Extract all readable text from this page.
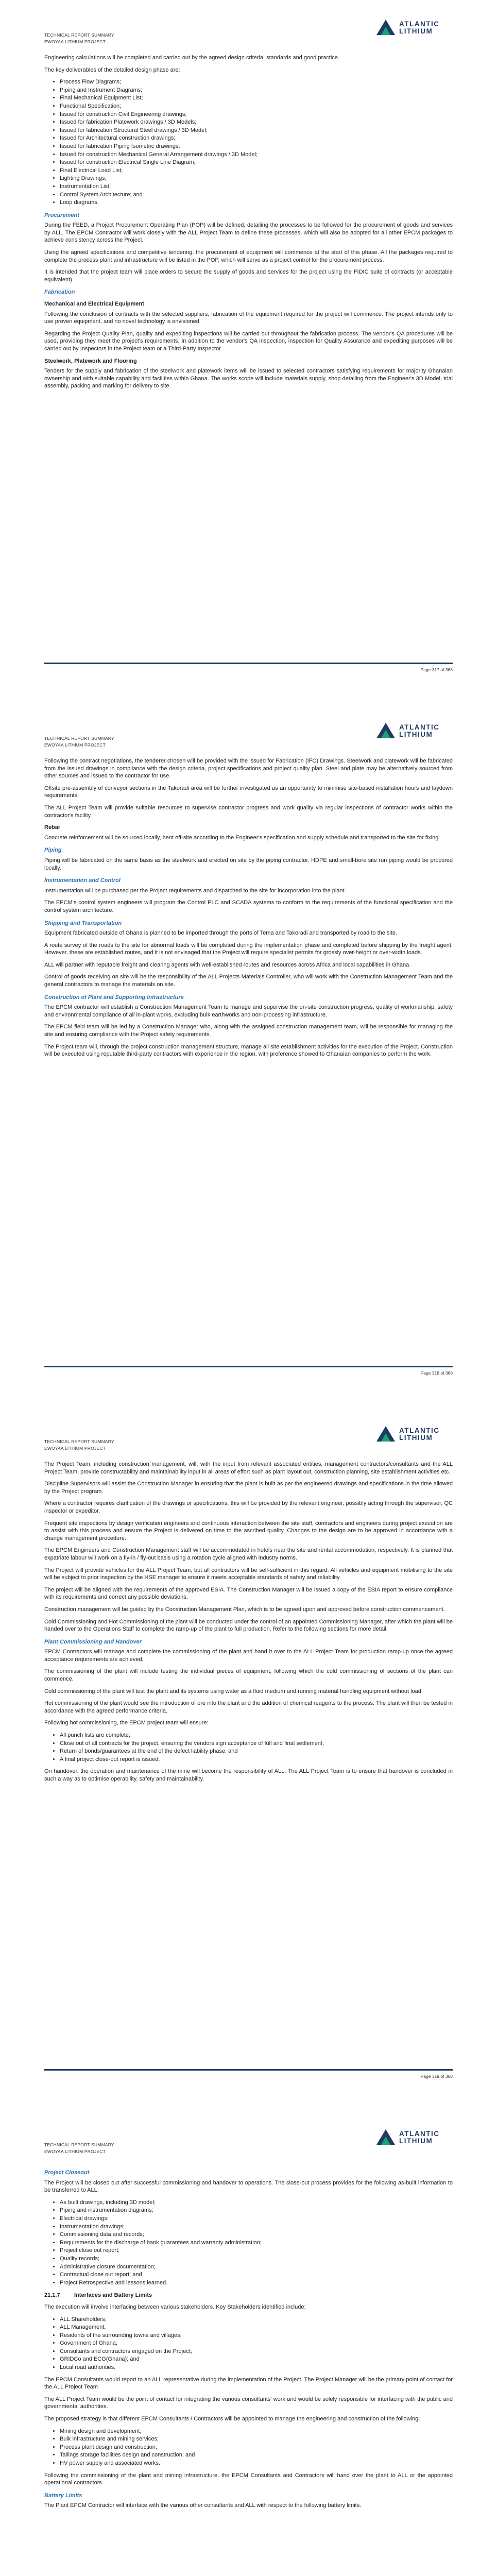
TECHNICAL REPORT SUMMARY
EWOYAA LITHIUM PROJECT
ATLANTIC
LITHIUM

Engineering calculations will be completed and carried out by the agreed design criteria, standards and good practice.

The key deliverables of the detailed design phase are:

• Process Flow Diagrams;
• Piping and Instrument Diagrams;
• Final Mechanical Equipment List;
• Functional Specification;
• Issued for construction Civil Engineering drawings;
• Issued for fabrication Platework drawings / 3D Models;
• Issued for fabrication Structural Steel drawings / 3D Model;
• Issued for Architectural construction drawings;
• Issued for fabrication Piping Isometric drawings;
• Issued for construction Mechanical General Arrangement drawings / 3D Model;
• Issued for construction Electrical Single Line Diagram;
• Final Electrical Load List;
• Lighting Drawings;
• Instrumentation List;
• Control System Architecture; and
• Loop diagrams.
Procurement

During the FEED, a Project Procurement Operating Plan (POP) will be defined, detailing the processes to be followed for the procurement of goods and services by ALL. The EPCM Contractor will work closely with the ALL Project Team to define these processes, which will also be adopted for all other EPCM packages to achieve consistency across the Project.

Using the agreed specifications and competitive tendering, the procurement of equipment will commence at the start of this phase. All the packages required to complete the process plant and infrastructure will be listed in the POP, which will serve as a project control for the procurement process.

It is intended that the project team will place orders to secure the supply of goods and services for the project using the FIDIC suite of contracts (or acceptable equivalent).

Fabrication
Mechanical and Electrical Equipment

Following the conclusion of contracts with the selected suppliers, fabrication of the equipment required for the project will commence. The project intends only to use proven equipment, and no novel technology is envisioned.

Regarding the Project Quality Plan, quality and expediting inspections will be carried out throughout the fabrication process. The vendor's QA procedures will be used, providing they meet the project's requirements. In addition to the vendor's QA inspection, inspection for Quality Assurance and expediting purposes will be carried out by Inspectors in the Project team or a Third-Party Inspector.

Steelwork, Platework and Flooring

Tenders for the supply and fabrication of the steelwork and platework items will be issued to selected contractors satisfying requirements for majority Ghanaian ownership and with suitable capability and facilities within Ghana. The works scope will include materials supply, shop detailing from the Engineer's 3D Model, trial assembly, packing and marking for delivery to site.

Page 317 of 368
TECHNICAL REPORT SUMMARY
EWOYAA LITHIUM PROJECT
ATLANTIC
LITHIUM

Following the contract negotiations, the tenderer chosen will be provided with the issued for Fabrication (IFC) Drawings. Steelwork and platework will be fabricated from the issued drawings in compliance with the design criteria, project specifications and project quality plan. Steel and plate may be alternatively sourced from other sources and issued to the contractor for use.

Offsite pre-assembly of conveyor sections in the Takoradi area will be further investigated as an opportunity to minimise site-based installation hours and laydown requirements.

The ALL Project Team will provide suitable resources to supervise contractor progress and work quality via regular inspections of contractor works within the contractor's facility.

Rebar

Concrete reinforcement will be sourced locally, bent off-site according to the Engineer's specification and supply schedule and transported to the site for fixing.

Piping

Piping will be fabricated on the same basis as the steelwork and erected on site by the piping contractor. HDPE and small-bore site run piping would be procured locally.

Instrumentation and Control

Instrumentation will be purchased per the Project requirements and dispatched to the site for incorporation into the plant.

The EPCM's control system engineers will program the Control PLC and SCADA systems to conform to the requirements of the functional specification and the control system architecture.

Shipping and Transportation

Equipment fabricated outside of Ghana is planned to be imported through the ports of Tema and Takoradi and transported by road to the site.

A route survey of the roads to the site for abnormal loads will be completed during the implementation phase and completed before shipping by the freight agent. However, these are established routes, and it is not envisaged that the Project will require specialist permits for grossly over-height or over-width loads.

ALL will partner with reputable freight and clearing agents with well-established routes and resources across Africa and local capabilities in Ghana.

Control of goods receiving on site will be the responsibility of the ALL Projects Materials Controller, who will work with the Construction Management Team and the general contractors to manage the materials on site.

Construction of Plant and Supporting Infrastructure

The EPCM contractor will establish a Construction Management Team to manage and supervise the on-site construction progress, quality of workmanship, safety and environmental compliance of all in-plant works, excluding bulk earthworks and non-processing infrastructure.

The EPCM field team will be led by a Construction Manager who, along with the assigned construction management team, will be responsible for managing the site and ensuring compliance with the Project safety requirements.

The Project team will, through the project construction management structure, manage all site establishment activities for the execution of the Project. Construction will be executed using reputable third-party contractors with experience in the region, with preference showed to Ghanaian companies to perform the work.

Page 318 of 368
TECHNICAL REPORT SUMMARY
EWOYAA LITHIUM PROJECT
ATLANTIC
LITHIUM

The Project Team, including construction management, will, with the input from relevant associated entities, management contractors/consultants and the ALL Project Team, provide constructability and maintainability input in all areas of effort such as plant layout out, construction planning, site establishment activities etc.

Discipline Supervisors will assist the Construction Manager in ensuring that the plant is built as per the engineered drawings and specifications in the time allowed by the Project program.

Where a contractor requires clarification of the drawings or specifications, this will be provided by the relevant engineer, possibly acting through the supervisor, QC inspector or expeditor.

Frequent site inspections by design verification engineers and continuous interaction between the site staff, contractors and engineers during project execution are to assist with this process and ensure the Project is delivered on time to the ascribed quality. Changes to the design are to be approved in accordance with a change management procedure.

The EPCM Engineers and Construction Management staff will be accommodated in hotels near the site and rental accommodation, respectively. It is planned that expatriate labour will work on a fly-in / fly-out basis using a rotation cycle aligned with industry norms.

The Project will provide vehicles for the ALL Project Team, but all contractors will be self-sufficient in this regard. All vehicles and equipment mobilising to the site will be subject to prior inspection by the HSE manager to ensure it meets acceptable standards of safety and reliability.

The project will be aligned with the requirements of the approved ESIA. The Construction Manager will be issued a copy of the ESIA report to ensure compliance with its requirements and correct any possible deviations.

Construction management will be guided by the Construction Management Plan, which is to be agreed upon and approved before construction commencement.

Cold Commissioning and Hot Commissioning of the plant will be conducted under the control of an appointed Commissioning Manager, after which the plant will be handed over to the Operations Staff to complete the ramp-up of the plant to full production. Refer to the following sections for more detail.

Plant Commissioning and Handover

EPCM Contractors will manage and complete the commissioning of the plant and hand it over to the ALL Project Team for production ramp-up once the agreed acceptance requirements are achieved.

The commissioning of the plant will include testing the individual pieces of equipment, following which the cold commissioning of sections of the plant can commence.

Cold commissioning of the plant will test the plant and its systems using water as a fluid medium and running material handling equipment without load.

Hot commissioning of the plant would see the introduction of ore into the plant and the addition of chemical reagents to the process. The plant will then be tested in accordance with the agreed performance criteria.

Following hot commissioning, the EPCM project team will ensure:

• All punch lists are complete;
• Close out of all contracts for the project, ensuring the vendors sign acceptance of full and final settlement;
• Return of bonds/guarantees at the end of the defect liability phase; and
• A final project close-out report is issued.

On handover, the operation and maintenance of the mine will become the responsibility of ALL. The ALL Project Team is to ensure that handover is concluded in such a way as to optimise operability, safety and maintainability.

Page 319 of 368
TECHNICAL REPORT SUMMARY
EWOYAA LITHIUM PROJECT
ATLANTIC
LITHIUM
Project Closeout

The Project will be closed out after successful commissioning and handover to operations. The close-out process provides for the following as-built information to be transferred to ALL:

• As built drawings, including 3D model;
• Piping and instrumentation diagrams;
• Electrical drawings;
• Instrumentation drawings;
• Commissioning data and records;
• Requirements for the discharge of bank guarantees and warranty administration;
• Project close out report;
• Quality records;
• Administrative closure documentation;
• Contractual close out report; and
• Project Retrospective and lessons learned.
21.1.7 Interfaces and Battery Limits

The execution will involve interfacing between various stakeholders. Key Stakeholders identified include:

• ALL Shareholders;
• ALL Management;
• Residents of the surrounding towns and villages;
• Government of Ghana;
• Consultants and contractors engaged on the Project;
• GRIDCo and ECG(Ghana); and
• Local road authorities.

The EPCM Consultants would report to an ALL representative during the implementation of the Project. The Project Manager will be the primary point of contact for the ALL Project Team

The ALL Project Team would be the point of contact for integrating the various consultants' work and would be solely responsible for interfacing with the public and governmental authorities.

The proposed strategy is that different EPCM Consultants / Contractors will be appointed to manage the engineering and construction of the following:

• Mining design and development;
• Bulk infrastructure and mining services;
• Process plant design and construction;
• Tailings storage facilities design and construction; and
• HV power supply and associated works.

Following the commissioning of the plant and mining infrastructure, the EPCM Consultants and Contractors will hand over the plant to ALL or the appointed operational contractors.

Battery Limits

The Plant EPCM Contractor will interface with the various other consultants and ALL with respect to the following battery limits.
